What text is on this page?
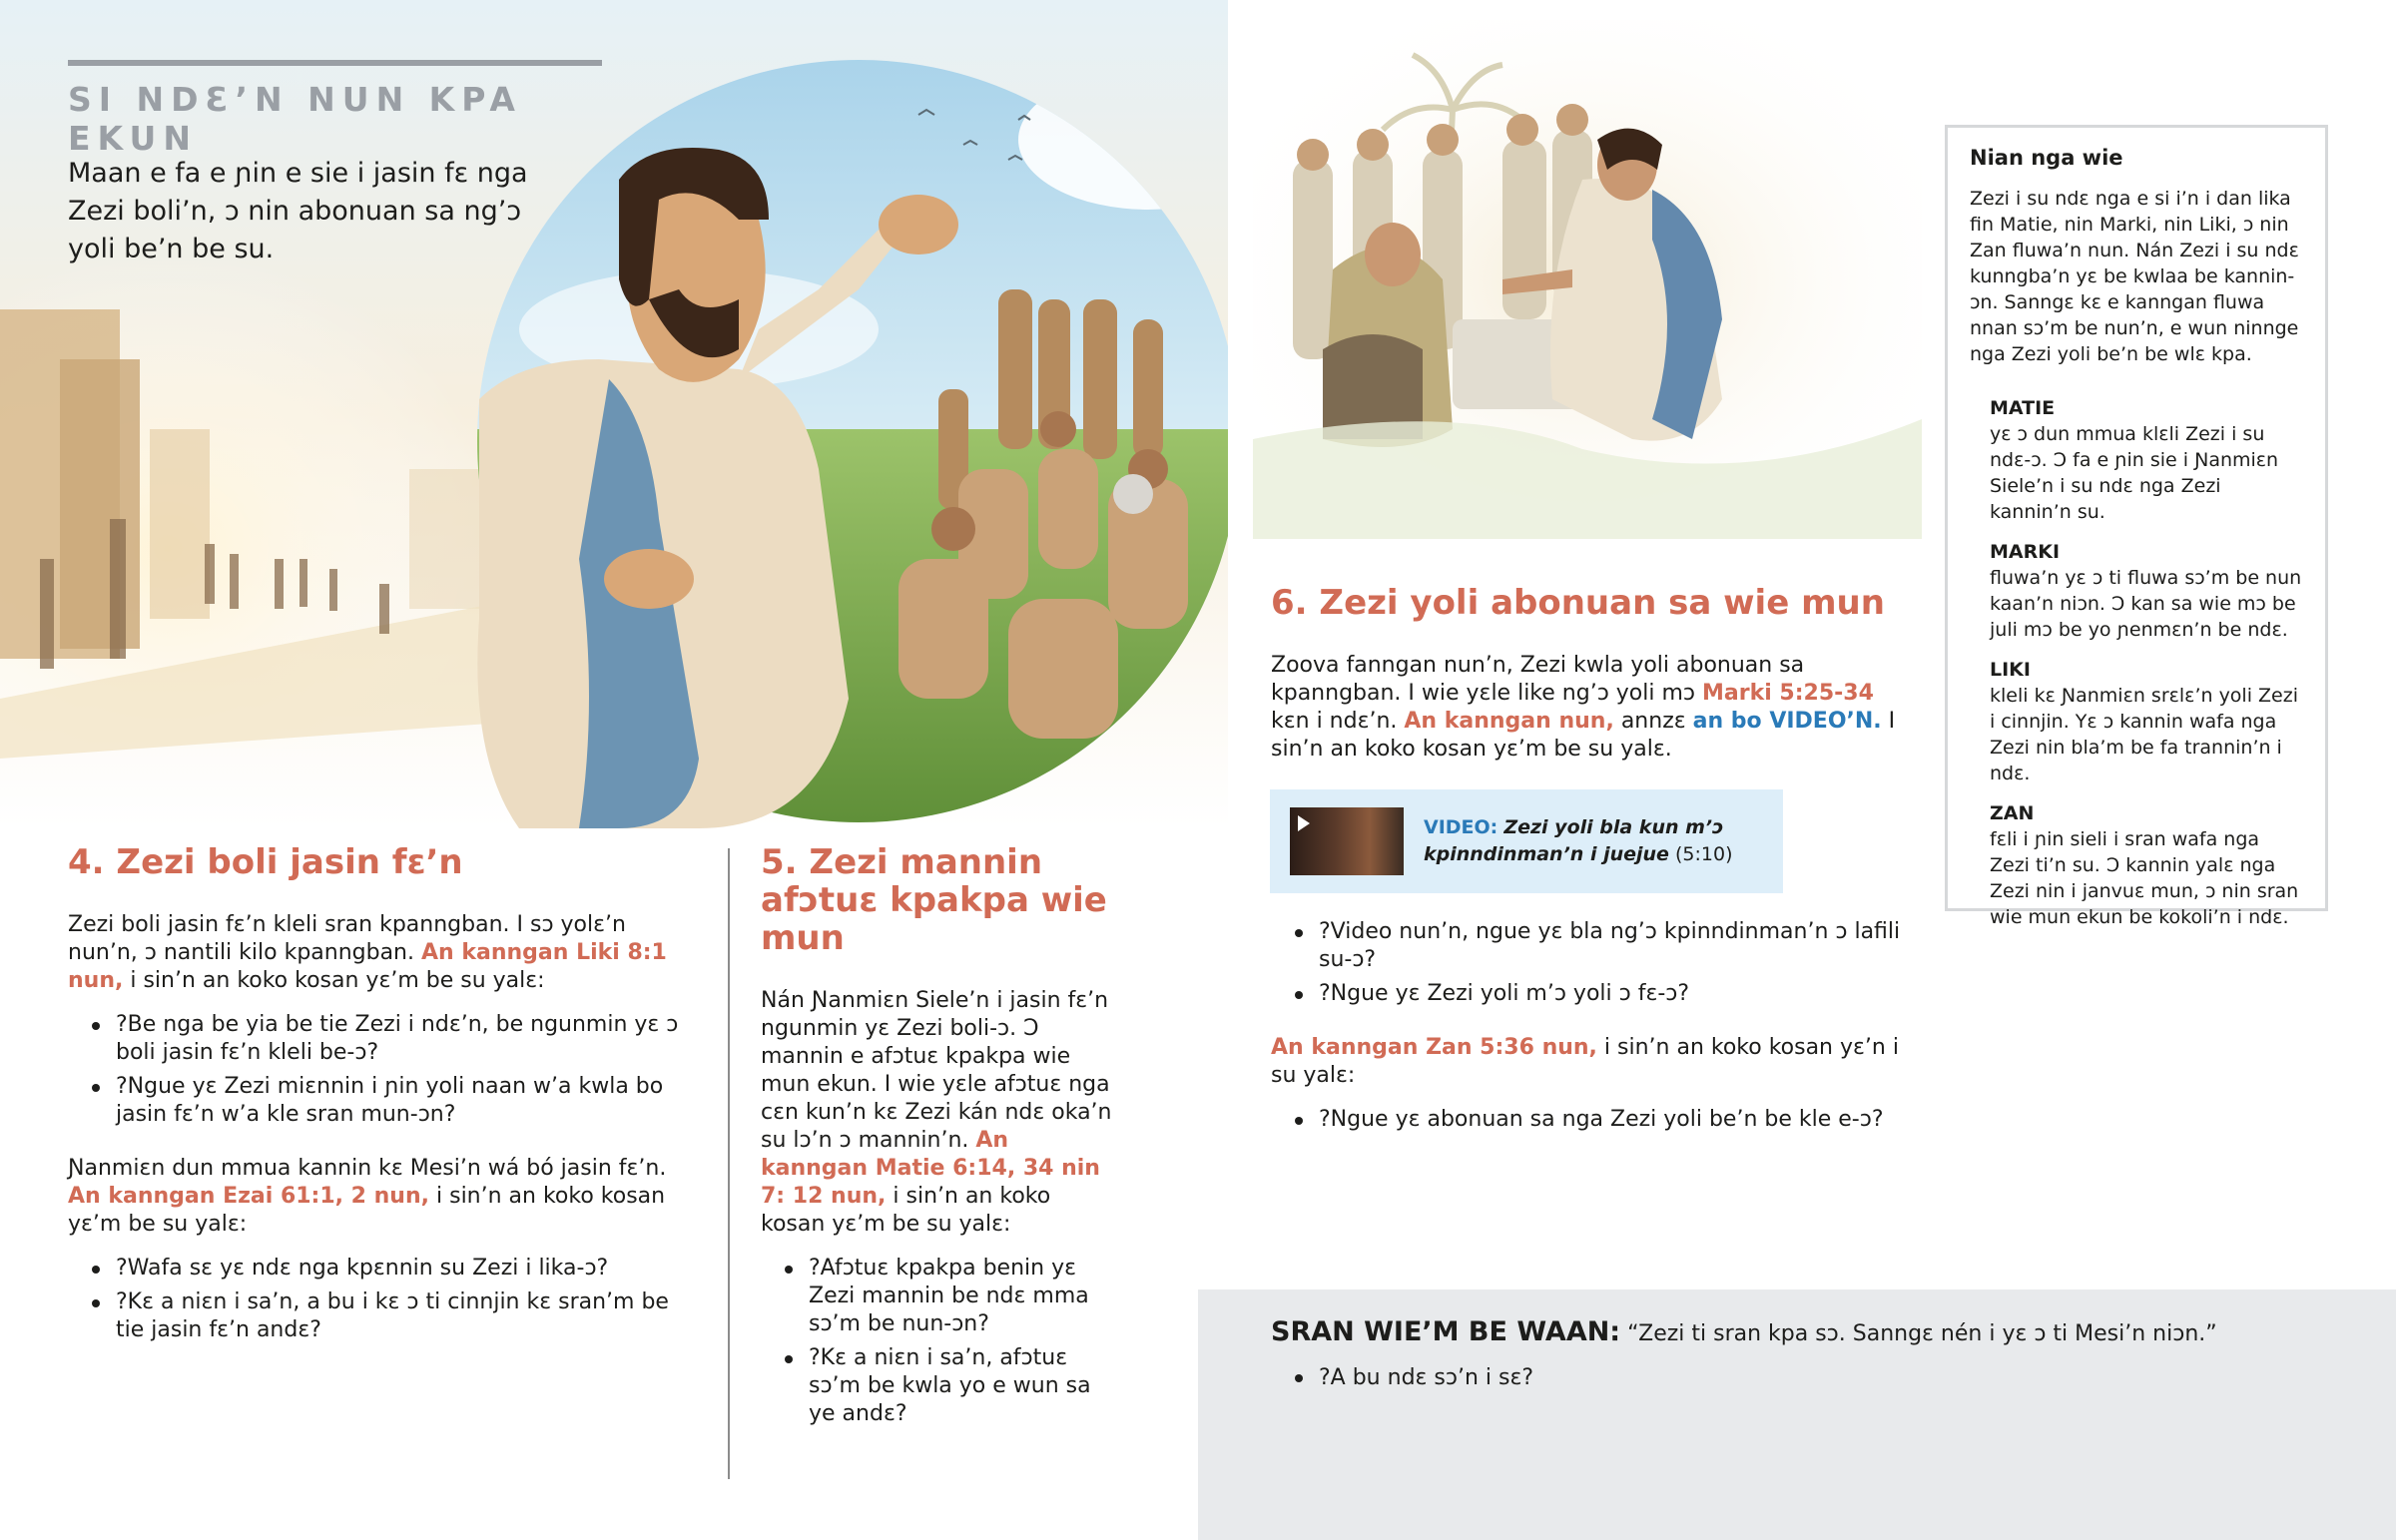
SI NDƐ’N NUN KPA EKUN
Maan e fa e ɲin e sie i jasin fɛ nga Zezi boli’n, ɔ nin abonuan sa ng’ɔ yoli be’n be su.
4. Zezi boli jasin fɛ’n

Zezi boli jasin fɛ’n kleli sran kpanngban. I sɔ yolɛ’n nun’n, ɔ nantili kilo kpanngban. An kanngan Liki 8:1 nun, i sin’n an koko kosan yɛ’m be su yalɛ:

?Be nga be yia be tie Zezi i ndɛ’n, be ngunmin yɛ ɔ boli jasin fɛ’n kleli be-ɔ?
?Ngue yɛ Zezi miɛnnin i ɲin yoli naan w’a kwla bo jasin fɛ’n w’a kle sran mun-ɔn?

Ɲanmiɛn dun mmua kannin kɛ Mesi’n wá bó jasin fɛ’n. An kanngan Ezai 61:1, 2 nun, i sin’n an koko kosan yɛ’m be su yalɛ:

?Wafa sɛ yɛ ndɛ nga kpɛnnin su Zezi i lika-ɔ?
?Kɛ a niɛn i sa’n, a bu i kɛ ɔ ti cinnjin kɛ sran’m be tie jasin fɛ’n andɛ?
5. Zezi mannin afɔtuɛ kpakpa wie mun

Nán Ɲanmiɛn Siele’n i jasin fɛ’n ngunmin yɛ Zezi boli-ɔ. Ɔ mannin e afɔtuɛ kpakpa wie mun ekun. I wie yɛle afɔtuɛ nga cɛn kun’n kɛ Zezi kán ndɛ oka’n su lɔ’n ɔ mannin’n. An kanngan Matie 6:14, 34 nin 7: 12 nun, i sin’n an koko kosan yɛ’m be su yalɛ:

?Afɔtuɛ kpakpa benin yɛ Zezi mannin be ndɛ mma sɔ’m be nun-ɔn?
?Kɛ a niɛn i sa’n, afɔtuɛ sɔ’m be kwla yo e wun sa ye andɛ?
6. Zezi yoli abonuan sa wie mun

Zoova fanngan nun’n, Zezi kwla yoli abonuan sa kpanngban. I wie yɛle like ng’ɔ yoli mɔ Marki 5:25-34 kɛn i ndɛ’n. An kanngan nun, annzɛ an bo VIDEO’N. I sin’n an koko kosan yɛ’m be su yalɛ.

VIDEO: Zezi yoli bla kun m’ɔ kpinndinman’n i juejue (5:10)
?Video nun’n, ngue yɛ bla ng’ɔ kpinndinman’n ɔ lafili su-ɔ?
?Ngue yɛ Zezi yoli m’ɔ yoli ɔ fɛ-ɔ?

An kanngan Zan 5:36 nun, i sin’n an koko kosan yɛ’n i su yalɛ:

?Ngue yɛ abonuan sa nga Zezi yoli be’n be kle e-ɔ?
Nian nga wie
Zezi i su ndɛ nga e si i’n i dan lika fin Matie, nin Marki, nin Liki, ɔ nin Zan fluwa’n nun. Nán Zezi i su ndɛ kunngba’n yɛ be kwlaa be kannin-ɔn. Sanngɛ kɛ e kanngan fluwa nnan sɔ’m be nun’n, e wun ninnge nga Zezi yoli be’n be wlɛ kpa.
MATIE
yɛ ɔ dun mmua klɛli Zezi i su ndɛ-ɔ. Ɔ fa e ɲin sie i Ɲanmiɛn Siele’n i su ndɛ nga Zezi kannin’n su.
MARKI
fluwa’n yɛ ɔ ti fluwa sɔ’m be nun kaan’n niɔn. Ɔ kan sa wie mɔ be juli mɔ be yo ɲenmɛn’n be ndɛ.
LIKI
kleli kɛ Ɲanmiɛn srɛlɛ’n yoli Zezi i cinnjin. Yɛ ɔ kannin wafa nga Zezi nin bla’m be fa trannin’n i ndɛ.
ZAN
fɛli i ɲin sieli i sran wafa nga Zezi ti’n su. Ɔ kannin yalɛ nga Zezi nin i janvuɛ mun, ɔ nin sran wie mun ekun be kokoli’n i ndɛ.
SRAN WIE’M BE WAAN: “Zezi ti sran kpa sɔ. Sanngɛ nén i yɛ ɔ ti Mesi’n niɔn.”
?A bu ndɛ sɔ’n i sɛ?
